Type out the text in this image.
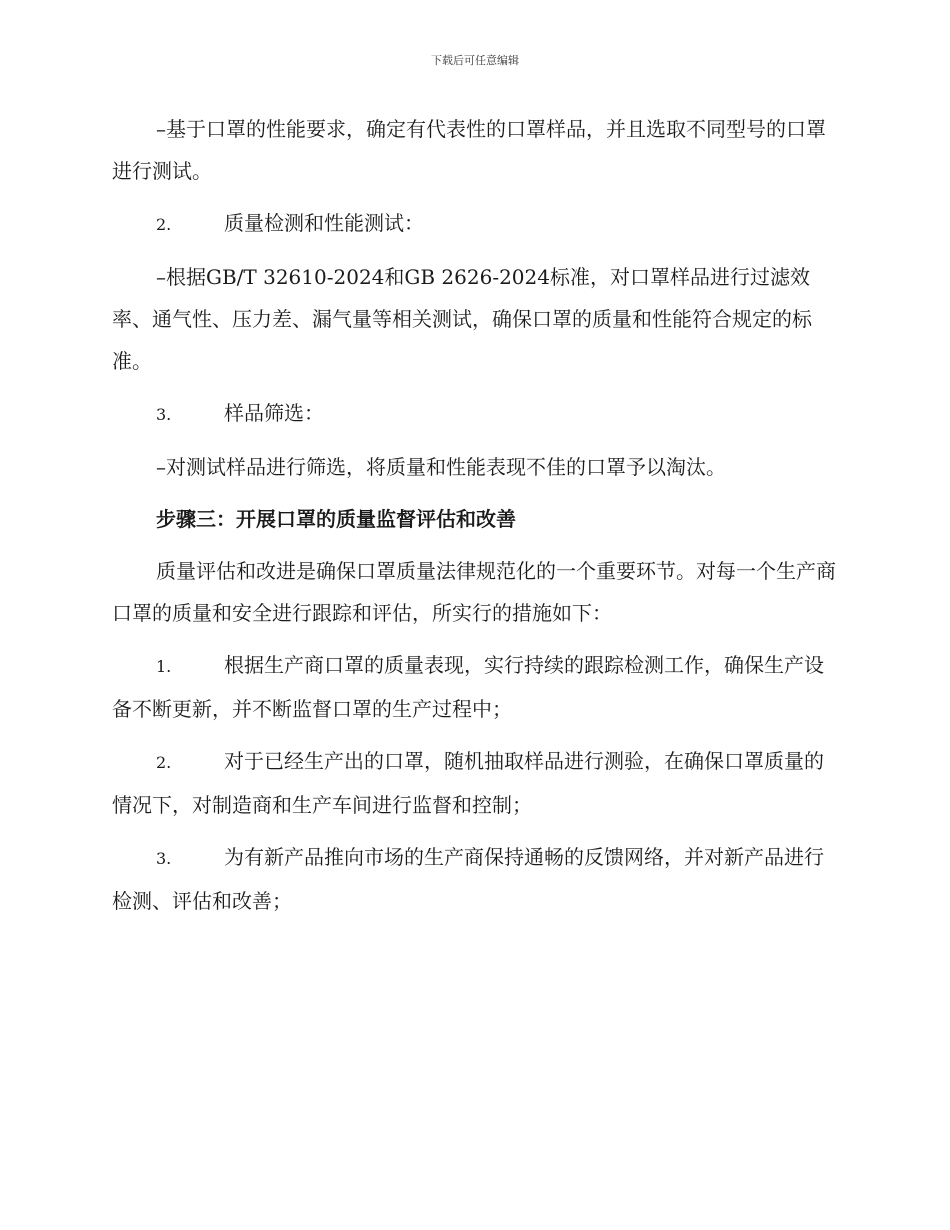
下载后可任意编辑

–基于口罩的性能要求，确定有代表性的口罩样品，并且选取不同型号的口罩进行测试。

2.	质量检测和性能测试：

–根据GB/T 32610-2024和GB 2626-2024标准，对口罩样品进行过滤效率、通气性、压力差、漏气量等相关测试，确保口罩的质量和性能符合规定的标准。

3.	样品筛选：

–对测试样品进行筛选，将质量和性能表现不佳的口罩予以淘汰。

步骤三：开展口罩的质量监督评估和改善

质量评估和改进是确保口罩质量法律规范化的一个重要环节。对每一个生产商口罩的质量和安全进行跟踪和评估，所实行的措施如下：

1.	根据生产商口罩的质量表现，实行持续的跟踪检测工作，确保生产设备不断更新，并不断监督口罩的生产过程中；

2.	对于已经生产出的口罩，随机抽取样品进行测验，在确保口罩质量的情况下，对制造商和生产车间进行监督和控制；

3.	为有新产品推向市场的生产商保持通畅的反馈网络，并对新产品进行检测、评估和改善；
